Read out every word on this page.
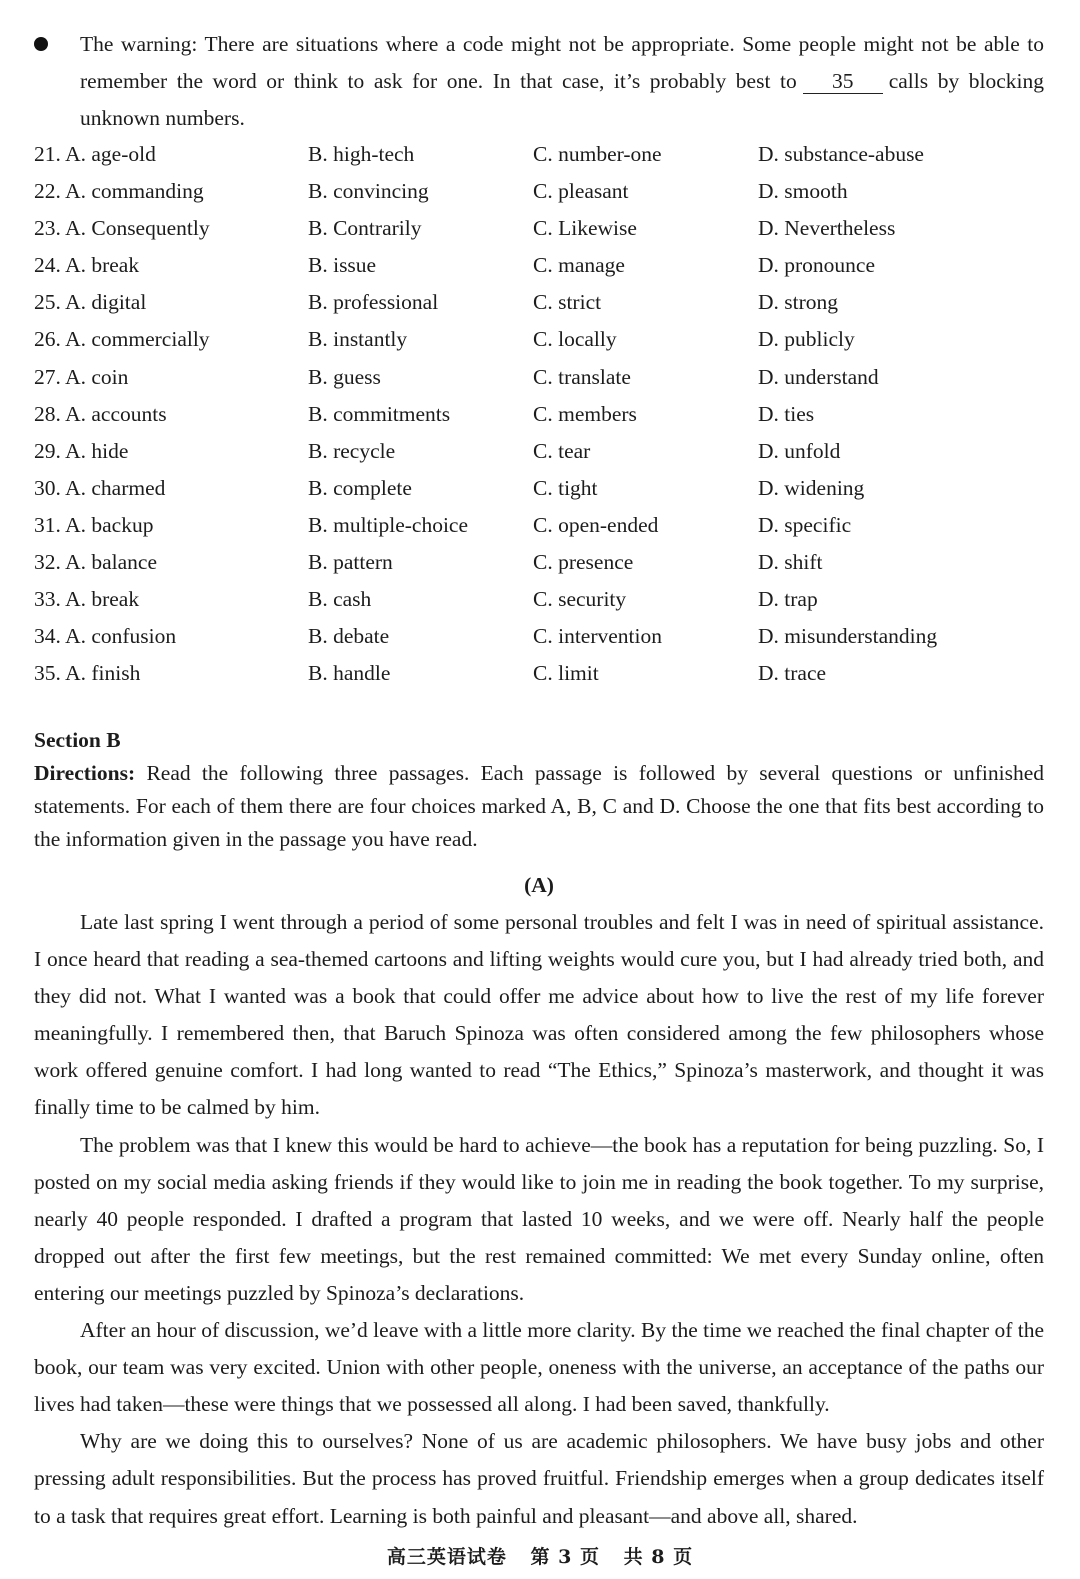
The warning: There are situations where a code might not be appropriate. Some people might not be able to remember the word or think to ask for one. In that case, it’s probably best to 35 calls by blocking unknown numbers.
21. A. age-old	B. high-tech	C. number-one	D. substance-abuse
22. A. commanding	B. convincing	C. pleasant	D. smooth
23. A. Consequently	B. Contrarily	C. Likewise	D. Nevertheless
24. A. break	B. issue	C. manage	D. pronounce
25. A. digital	B. professional	C. strict	D. strong
26. A. commercially	B. instantly	C. locally	D. publicly
27. A. coin	B. guess	C. translate	D. understand
28. A. accounts	B. commitments	C. members	D. ties
29. A. hide	B. recycle	C. tear	D. unfold
30. A. charmed	B. complete	C. tight	D. widening
31. A. backup	B. multiple-choice	C. open-ended	D. specific
32. A. balance	B. pattern	C. presence	D. shift
33. A. break	B. cash	C. security	D. trap
34. A. confusion	B. debate	C. intervention	D. misunderstanding
35. A. finish	B. handle	C. limit	D. trace
Section B
Directions: Read the following three passages. Each passage is followed by several questions or unfinished statements. For each of them there are four choices marked A, B, C and D. Choose the one that fits best according to the information given in the passage you have read.
(A)

Late last spring I went through a period of some personal troubles and felt I was in need of spiritual assistance. I once heard that reading a sea-themed cartoons and lifting weights would cure you, but I had already tried both, and they did not. What I wanted was a book that could offer me advice about how to live the rest of my life forever meaningfully. I remembered then, that Baruch Spinoza was often considered among the few philosophers whose work offered genuine comfort. I had long wanted to read “The Ethics,” Spinoza’s masterwork, and thought it was finally time to be calmed by him.

The problem was that I knew this would be hard to achieve—the book has a reputation for being puzzling. So, I posted on my social media asking friends if they would like to join me in reading the book together. To my surprise, nearly 40 people responded. I drafted a program that lasted 10 weeks, and we were off. Nearly half the people dropped out after the first few meetings, but the rest remained committed: We met every Sunday online, often entering our meetings puzzled by Spinoza’s declarations.

After an hour of discussion, we’d leave with a little more clarity. By the time we reached the final chapter of the book, our team was very excited. Union with other people, oneness with the universe, an acceptance of the paths our lives had taken—these were things that we possessed all along. I had been saved, thankfully.

Why are we doing this to ourselves? None of us are academic philosophers. We have busy jobs and other pressing adult responsibilities. But the process has proved fruitful. Friendship emerges when a group dedicates itself to a task that requires great effort. Learning is both painful and pleasant—and above all, shared.

高三英语试卷 第 3 页 共 8 页
